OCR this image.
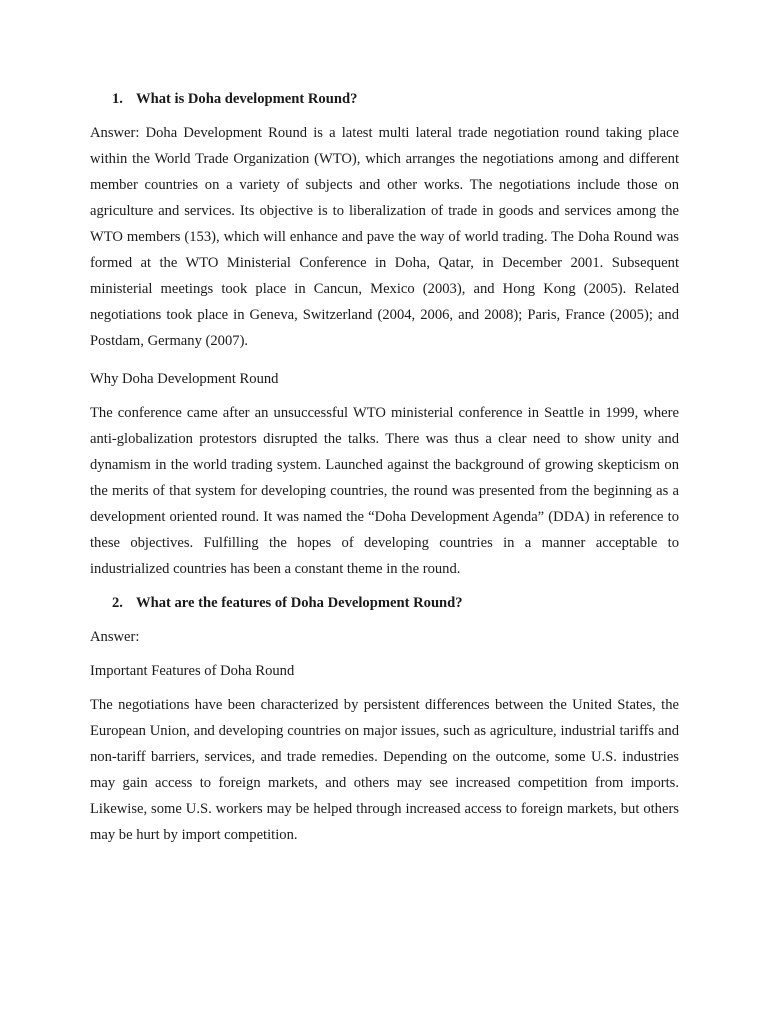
1. What is Doha development Round?

Answer: Doha Development Round is a latest multi lateral trade negotiation round taking place within the World Trade Organization (WTO), which arranges the negotiations among and different member countries on a variety of subjects and other works. The negotiations include those on agriculture and services. Its objective is to liberalization of trade in goods and services among the WTO members (153), which will enhance and pave the way of world trading. The Doha Round was formed at the WTO Ministerial Conference in Doha, Qatar, in December 2001. Subsequent ministerial meetings took place in Cancun, Mexico (2003), and Hong Kong (2005). Related negotiations took place in Geneva, Switzerland (2004, 2006, and 2008); Paris, France (2005); and Postdam, Germany (2007).

Why Doha Development Round

The conference came after an unsuccessful WTO ministerial conference in Seattle in 1999, where anti-globalization protestors disrupted the talks. There was thus a clear need to show unity and dynamism in the world trading system. Launched against the background of growing skepticism on the merits of that system for developing countries, the round was presented from the beginning as a development oriented round. It was named the “Doha Development Agenda” (DDA) in reference to these objectives. Fulfilling the hopes of developing countries in a manner acceptable to industrialized countries has been a constant theme in the round.

2. What are the features of Doha Development Round?

Answer:

Important Features of Doha Round

The negotiations have been characterized by persistent differences between the United States, the European Union, and developing countries on major issues, such as agriculture, industrial tariffs and non-tariff barriers, services, and trade remedies. Depending on the outcome, some U.S. industries may gain access to foreign markets, and others may see increased competition from imports. Likewise, some U.S. workers may be helped through increased access to foreign markets, but others may be hurt by import competition.
